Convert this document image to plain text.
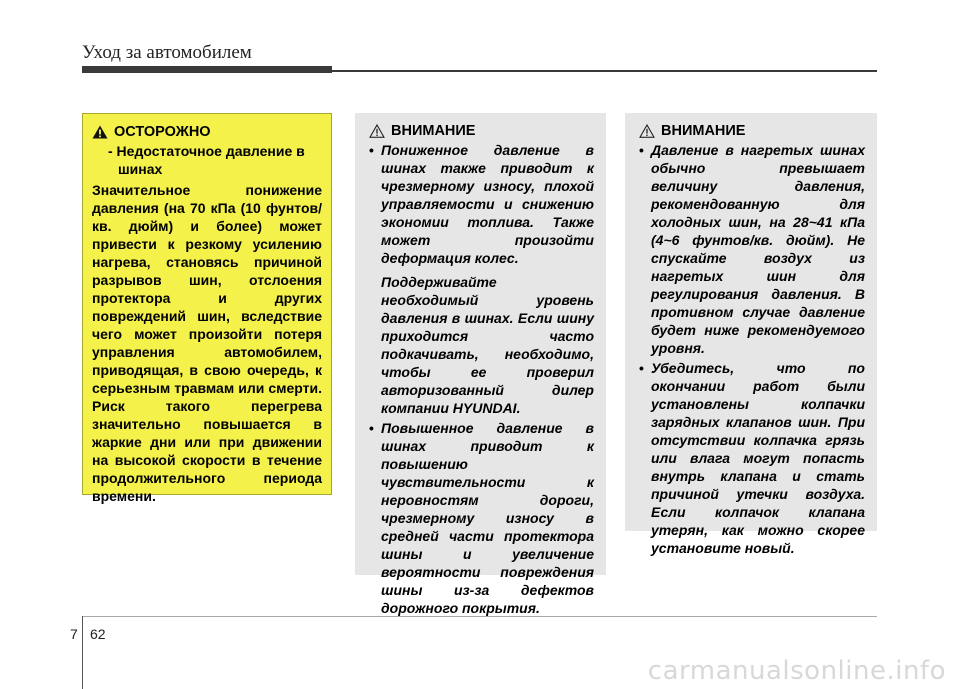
Уход за автомобилем
ОСТОРОЖНО
- Недостаточное давление в шинах
Значительное понижение давления (на 70 кПа (10 фунтов/кв. дюйм) и более) может привести к резкому усилению нагрева, становясь причиной разрывов шин, отслоения протектора и других повреждений шин, вследствие чего может произойти потеря управления автомобилем, приводящая, в свою очередь, к серьезным травмам или смерти. Риск такого перегрева значительно повышается в жаркие дни или при движении на высокой скорости в течение продолжительного периода времени.
ВНИМАНИЕ
• Пониженное давление в шинах также приводит к чрезмерному износу, плохой управляемости и снижению экономии топлива. Также может произойти деформация колес.
Поддерживайте необходимый уровень давления в шинах. Если шину приходится часто подкачивать, необходимо, чтобы ее проверил авторизованный дилер компании HYUNDAI.
• Повышенное давление в шинах приводит к повышению чувствительности к неровностям дороги, чрезмерному износу в средней части протектора шины и увеличение вероятности повреждения шины из-за дефектов дорожного покрытия.
ВНИМАНИЕ
• Давление в нагретых шинах обычно превышает величину давления, рекомендованную для холодных шин, на 28~41 кПа (4~6 фунтов/кв. дюйм). Не спускайте воздух из нагретых шин для регулирования давления. В противном случае давление будет ниже рекомендуемого уровня.
• Убедитесь, что по окончании работ были установлены колпачки зарядных клапанов шин. При отсутствии колпачка грязь или влага могут попасть внутрь клапана и стать причиной утечки воздуха. Если колпачок клапана утерян, как можно скорее установите новый.
7 62
carmanualsonline.info
